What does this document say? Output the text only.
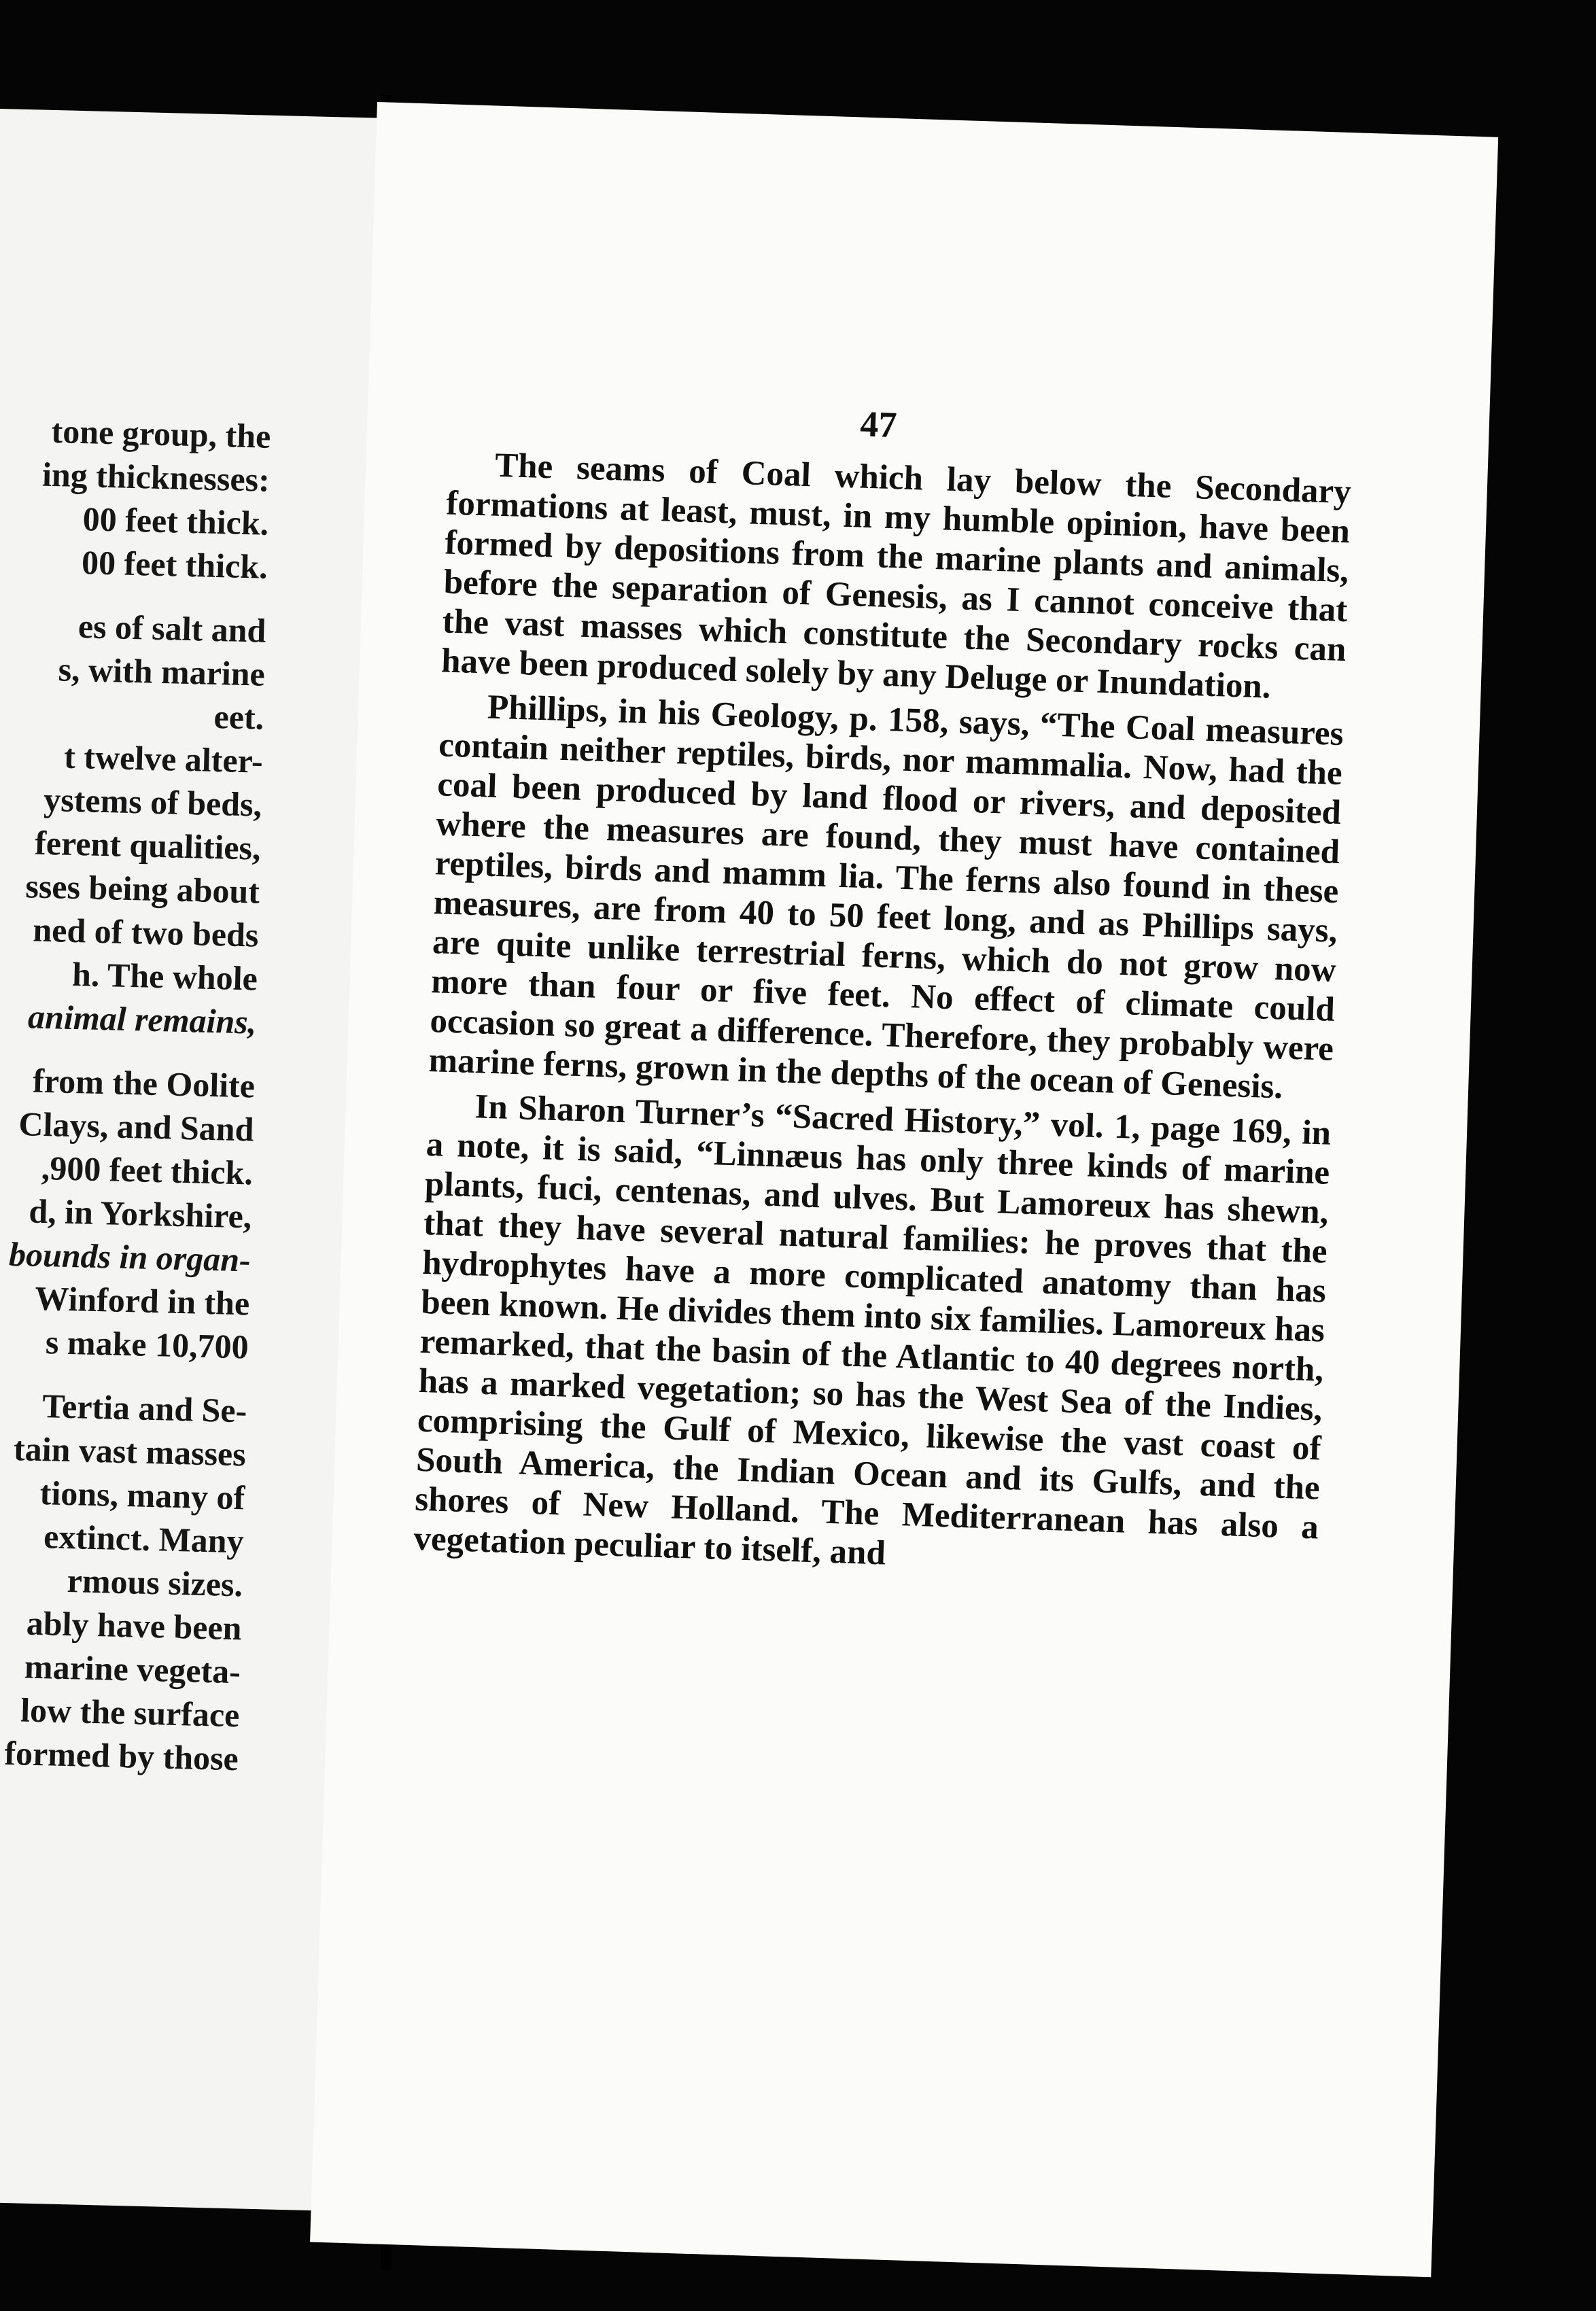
tone group, the
ing thicknesses:
00 feet thick.
00 feet thick.
es of salt and
s, with marine
eet.
t twelve alter-
ystems of beds,
ferent qualities,
sses being about
ned of two beds
h. The whole
animal remains,
from the Oolite
Clays, and Sand
,900 feet thick.
d, in Yorkshire,
bounds in organ-
Winford in the
s make 10,700
Tertia and Se-
tain vast masses
tions, many of
extinct. Many
rmous sizes.
ably have been
marine vegeta-
low the surface
formed by those
47

The seams of Coal which lay below the Secondary formations at least, must, in my humble opinion, have been formed by depositions from the marine plants and animals, before the separation of Genesis, as I cannot conceive that the vast masses which constitute the Secondary rocks can have been produced solely by any Deluge or Inundation.

Phillips, in his Geology, p. 158, says, “The Coal measures contain neither reptiles, birds, nor mammalia. Now, had the coal been produced by land flood or rivers, and deposited where the measures are found, they must have contained reptiles, birds and mamm lia. The ferns also found in these measures, are from 40 to 50 feet long, and as Phillips says, are quite unlike terrestrial ferns, which do not grow now more than four or five feet. No effect of climate could occasion so great a difference. Therefore, they probably were marine ferns, grown in the depths of the ocean of Genesis.

In Sharon Turner’s “Sacred History,” vol. 1, page 169, in a note, it is said, “Linnæus has only three kinds of marine plants, fuci, centenas, and ulves. But Lamoreux has shewn, that they have several natural families: he proves that the hydrophytes have a more complicated anatomy than has been known. He divides them into six families. Lamoreux has remarked, that the basin of the Atlantic to 40 degrees north, has a marked vegetation; so has the West Sea of the Indies, comprising the Gulf of Mexico, likewise the vast coast of South America, the Indian Ocean and its Gulfs, and the shores of New Holland. The Mediterranean has also a vegetation peculiar to itself, and
